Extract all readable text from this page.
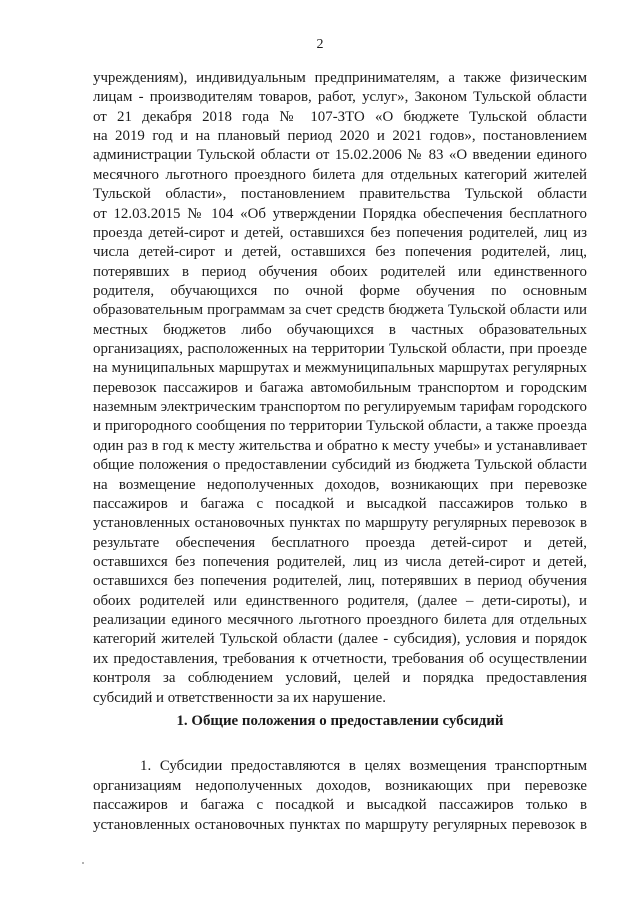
2
учреждениям), индивидуальным предпринимателям, а также физическим
лицам - производителям товаров, работ, услуг», Законом Тульской области
от 21 декабря 2018 года № 107-ЗТО «О бюджете Тульской области
на 2019 год и на плановый период 2020 и 2021 годов», постановлением
администрации Тульской области от 15.02.2006 № 83 «О введении единого
месячного льготного проездного билета для отдельных категорий жителей
Тульской области», постановлением правительства Тульской области
от 12.03.2015 № 104 «Об утверждении Порядка обеспечения бесплатного
проезда детей-сирот и детей, оставшихся без попечения родителей, лиц из
числа детей-сирот и детей, оставшихся без попечения родителей, лиц,
потерявших в период обучения обоих родителей или единственного
родителя, обучающихся по очной форме обучения по основным
образовательным программам за счет средств бюджета Тульской области или
местных бюджетов либо обучающихся в частных образовательных
организациях, расположенных на территории Тульской области, при проезде
на муниципальных маршрутах и межмуниципальных маршрутах регулярных
перевозок пассажиров и багажа автомобильным транспортом и городским
наземным электрическим транспортом по регулируемым тарифам городского
и пригородного сообщения по территории Тульской области, а также проезда
один раз в год к месту жительства и обратно к месту учебы» и устанавливает
общие положения о предоставлении субсидий из бюджета Тульской области
на возмещение недополученных доходов, возникающих при перевозке
пассажиров и багажа с посадкой и высадкой пассажиров только в
установленных остановочных пунктах по маршруту регулярных перевозок в
результате обеспечения бесплатного проезда детей-сирот и детей,
оставшихся без попечения родителей, лиц из числа детей-сирот и детей,
оставшихся без попечения родителей, лиц, потерявших в период обучения
обоих родителей или единственного родителя, (далее – дети-сироты), и
реализации единого месячного льготного проездного билета для отдельных
категорий жителей Тульской области (далее - субсидия), условия и порядок
их предоставления, требования к отчетности, требования об осуществлении
контроля за соблюдением условий, целей и порядка предоставления
субсидий и ответственности за их нарушение.
1. Общие положения о предоставлении субсидий
1. Субсидии предоставляются в целях возмещения транспортным
организациям недополученных доходов, возникающих при перевозке
пассажиров и багажа с посадкой и высадкой пассажиров только в
установленных остановочных пунктах по маршруту регулярных перевозок в
